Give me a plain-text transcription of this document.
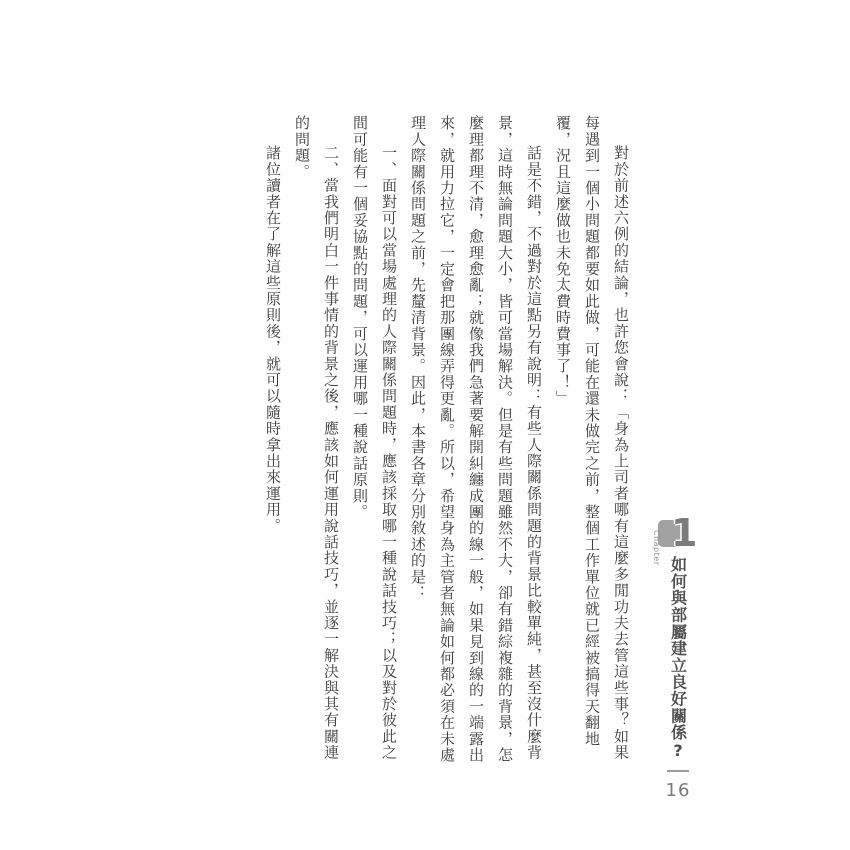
對於前述六例的結論，也許您會說：「身為上司者哪有這麼多閒功夫去管這些事？如果每遇到一個小問題都要如此做，可能在還未做完之前，整個工作單位就已經被搞得天翻地覆，況且這麼做也未免太費時費事了！」

話是不錯，不過對於這點另有說明：有些人際關係問題的背景比較單純，甚至沒什麼背景，這時無論問題大小，皆可當場解決。但是有些問題雖然不大，卻有錯綜複雜的背景，怎麼理都理不清，愈理愈亂；就像我們急著要解開糾纏成團的線一般，如果見到線的一端露出來，就用力拉它，一定會把那團線弄得更亂。所以，希望身為主管者無論如何都必須在未處理人際關係問題之前，先釐清背景。因此，本書各章分別敘述的是：

一、面對可以當場處理的人際關係問題時，應該採取哪一種說話技巧；以及對於彼此之間可能有一個妥協點的問題，可以運用哪一種說話原則。

二、當我們明白一件事情的背景之後，應該如何運用說話技巧，並逐一解決與其有關連的問題。

諸位讀者在了解這些原則後，就可以隨時拿出來運用。	1
Chapter
如何與部屬建立良好關係?
16
